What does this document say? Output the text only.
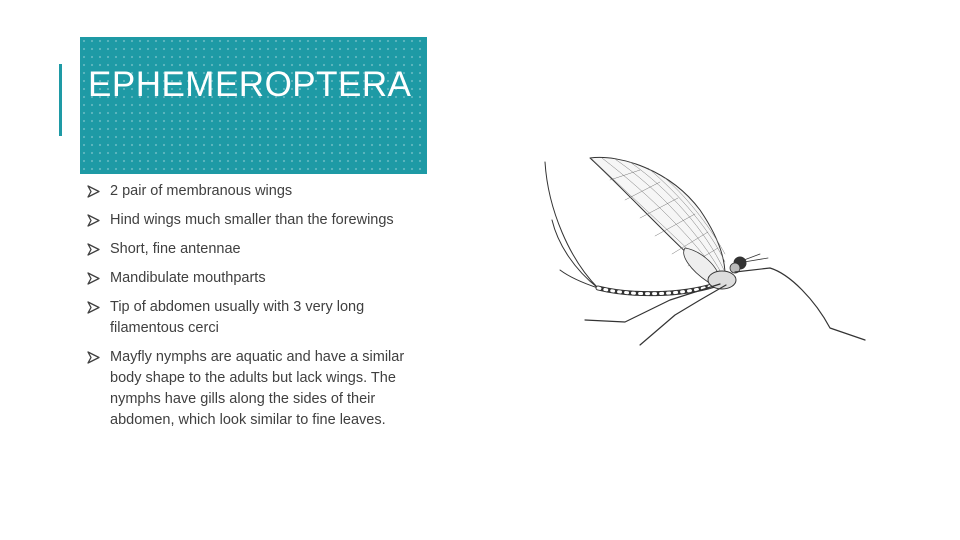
EPHEMEROPTERA
2 pair of membranous wings
Hind wings much smaller than the forewings
Short, fine antennae
Mandibulate mouthparts
Tip of abdomen usually with 3 very long filamentous cerci
Mayfly nymphs are aquatic and have a similar body shape to the adults but lack wings. The nymphs have gills along the sides of their abdomen, which look similar to fine leaves.
